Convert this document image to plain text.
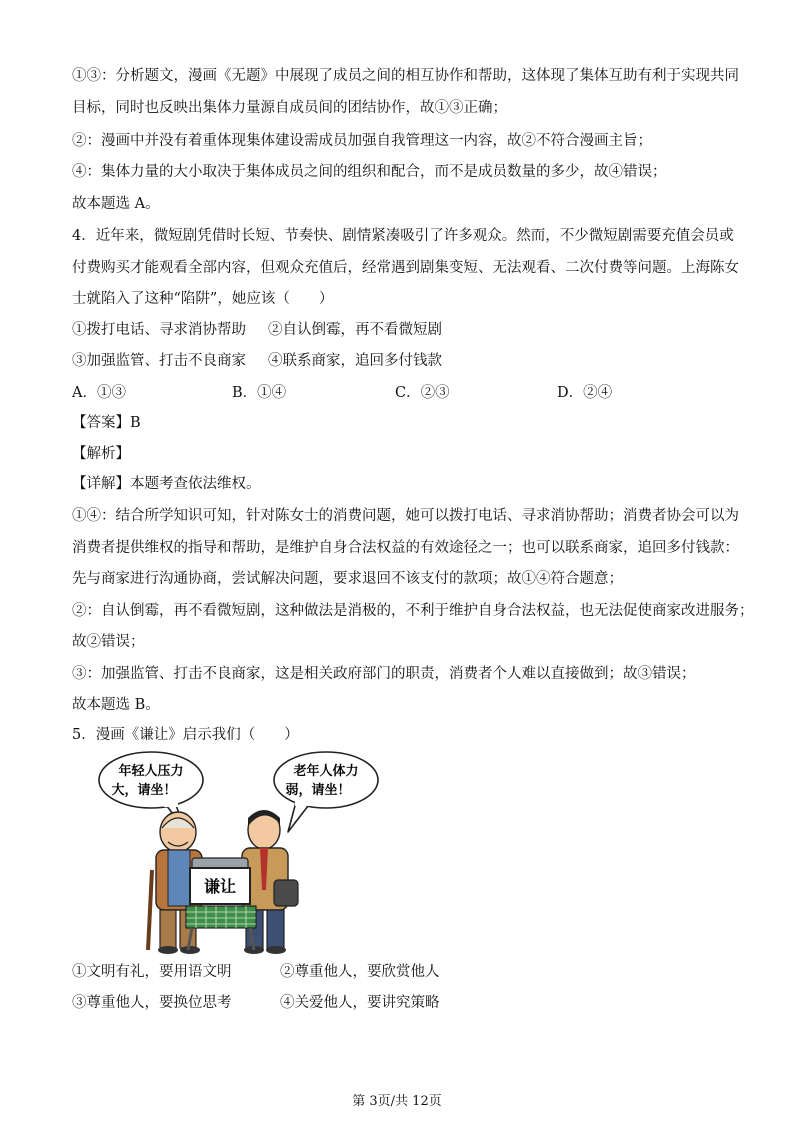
①③：分析题文，漫画《无题》中展现了成员之间的相互协作和帮助，这体现了集体互助有利于实现共同
目标，同时也反映出集体力量源自成员间的团结协作，故①③正确；
②：漫画中并没有着重体现集体建设需成员加强自我管理这一内容，故②不符合漫画主旨；
④：集体力量的大小取决于集体成员之间的组织和配合，而不是成员数量的多少，故④错误；
故本题选 A。
4．近年来，微短剧凭借时长短、节奏快、剧情紧凑吸引了许多观众。然而，不少微短剧需要充值会员或
付费购买才能观看全部内容，但观众充值后，经常遇到剧集变短、无法观看、二次付费等问题。上海陈女
士就陷入了这种“陷阱”，她应该（　　）
①拨打电话、寻求消协帮助 ②自认倒霉，再不看微短剧
③加强监管、打击不良商家 ④联系商家，追回多付钱款
A．①③	B．①④	C．②③	D．②④
【答案】B
【解析】
【详解】本题考查依法维权。
①④：结合所学知识可知，针对陈女士的消费问题，她可以拨打电话、寻求消协帮助；消费者协会可以为
消费者提供维权的指导和帮助，是维护自身合法权益的有效途径之一；也可以联系商家，追回多付钱款：
先与商家进行沟通协商，尝试解决问题，要求退回不该支付的款项；故①④符合题意；
②：自认倒霉，再不看微短剧，这种做法是消极的，不利于维护自身合法权益，也无法促使商家改进服务；
故②错误；
③：加强监管、打击不良商家，这是相关政府部门的职责，消费者个人难以直接做到；故③错误；
故本题选 B。
5．漫画《谦让》启示我们（　　）
年轻人压力
大，请坐！
老年人体力
弱，请坐！
谦让
①文明有礼，要用语文明	②尊重他人，要欣赏他人
③尊重他人，要换位思考	④关爱他人，要讲究策略
第 3页/共 12页
